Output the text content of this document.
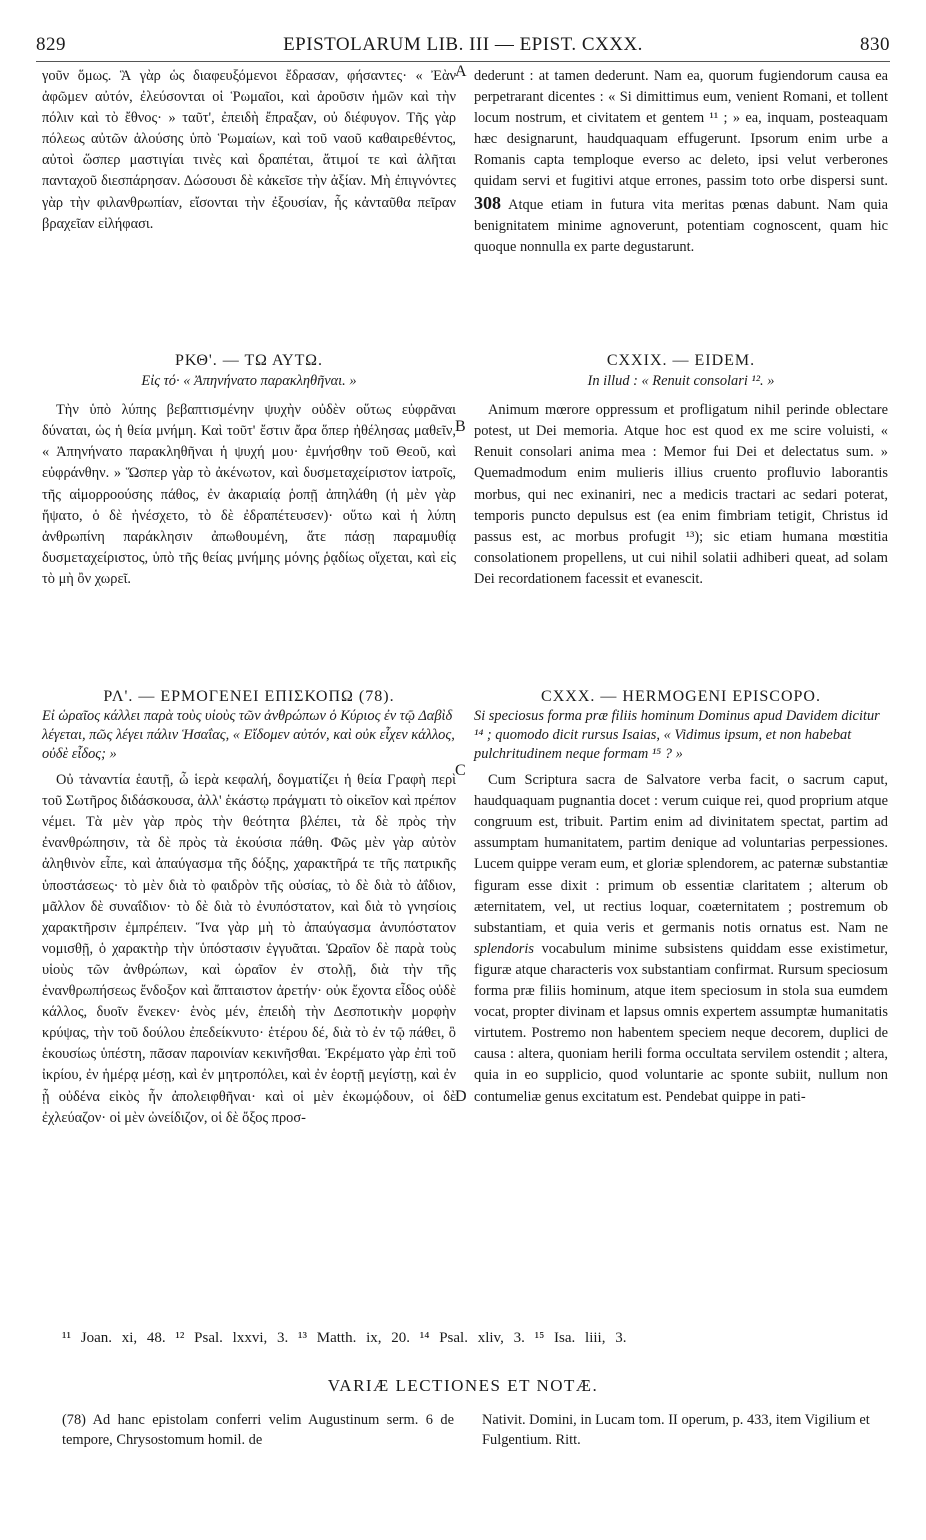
829	EPISTOLARUM LIB. III — EPIST. CXXX.	830
A
B
C
D

γοῦν ὅμως. Ἃ γὰρ ὡς διαφευξόμενοι ἔδρασαν, φήσαντες· « Ἐὰν ἀφῶμεν αὐτόν, ἐλεύσονται οἱ Ῥωμαῖοι, καὶ ἀροῦσιν ἡμῶν καὶ τὴν πόλιν καὶ τὸ ἔθνος· » ταῦτ', ἐπειδὴ ἔπραξαν, οὐ διέφυγον. Τῆς γὰρ πόλεως αὐτῶν ἁλούσης ὑπὸ Ῥωμαίων, καὶ τοῦ ναοῦ καθαιρεθέντος, αὐτοὶ ὥσπερ μαστιγίαι τινὲς καὶ δραπέται, ἄτιμοί τε καὶ ἀλῆται πανταχοῦ διεσπάρησαν. Δώσουσι δὲ κἀκεῖσε τὴν ἀξίαν. Μὴ ἐπιγνόντες γὰρ τὴν φιλανθρωπίαν, εἴσονται τὴν ἐξουσίαν, ἧς κἀνταῦθα πεῖραν βραχεῖαν εἰλήφασι.

ΡΚΘ'. — ΤΩ ΑΥΤΩ.
Εἰς τό· « Ἀπηνήνατο παρακληθῆναι. »

Τὴν ὑπὸ λύπης βεβαπτισμένην ψυχὴν οὐδὲν οὕτως εὐφρᾶναι δύναται, ὡς ἡ θεία μνήμη. Καὶ τοῦτ' ἔστιν ἄρα ὅπερ ἠθέλησας μαθεῖν, « Ἀπηνήνατο παρακληθῆναι ἡ ψυχή μου· ἐμνήσθην τοῦ Θεοῦ, καὶ εὐφράνθην. » Ὥσπερ γὰρ τὸ ἀκένωτον, καὶ δυσμεταχείριστον ἰατροῖς, τῆς αἱμορροούσης πάθος, ἐν ἀκαριαίᾳ ῥοπῇ ἀπηλάθη (ἡ μὲν γὰρ ἥψατο, ὁ δὲ ἠνέσχετο, τὸ δὲ ἐδραπέτευσεν)· οὕτω καὶ ἡ λύπη ἀνθρωπίνη παράκλησιν ἀπωθουμένη, ἅτε πάσῃ παραμυθίᾳ δυσμεταχείριστος, ὑπὸ τῆς θείας μνήμης μόνης ῥᾳδίως οἴχεται, καὶ εἰς τὸ μὴ ὂν χωρεῖ.

ΡΛ'. — ΕΡΜΟΓΕΝΕΙ ΕΠΙΣΚΟΠΩ (78).
Εἰ ὡραῖος κάλλει παρὰ τοὺς υἱοὺς τῶν ἀνθρώπων ὁ Κύριος ἐν τῷ Δαβὶδ λέγεται, πῶς λέγει πάλιν Ἡσαΐας, « Εἴδομεν αὐτόν, καὶ οὐκ εἶχεν κάλλος, οὐδὲ εἶδος; »

Οὐ τἀναντία ἑαυτῇ, ὦ ἱερὰ κεφαλή, δογματίζει ἡ θεία Γραφὴ περὶ τοῦ Σωτῆρος διδάσκουσα, ἀλλ' ἑκάστῳ πράγματι τὸ οἰκεῖον καὶ πρέπον νέμει. Τὰ μὲν γὰρ πρὸς τὴν θεότητα βλέπει, τὰ δὲ πρὸς τὴν ἐνανθρώπησιν, τὰ δὲ πρὸς τὰ ἑκούσια πάθη. Φῶς μὲν γὰρ αὐτὸν ἀληθινὸν εἶπε, καὶ ἀπαύγασμα τῆς δόξης, χαρακτῆρά τε τῆς πατρικῆς ὑποστάσεως· τὸ μὲν διὰ τὸ φαιδρὸν τῆς οὐσίας, τὸ δὲ διὰ τὸ ἀΐδιον, μᾶλλον δὲ συναΐδιον· τὸ δὲ διὰ τὸ ἐνυπόστατον, καὶ διὰ τὸ γνησίοις χαρακτῆρσιν ἐμπρέπειν. Ἵνα γὰρ μὴ τὸ ἀπαύγασμα ἀνυπόστατον νομισθῇ, ὁ χαρακτὴρ τὴν ὑπόστασιν ἐγγυᾶται. Ὡραῖον δὲ παρὰ τοὺς υἱοὺς τῶν ἀνθρώπων, καὶ ὡραῖον ἐν στολῇ, διὰ τὴν τῆς ἐνανθρωπήσεως ἔνδοξον καὶ ἄπταιστον ἀρετήν· οὐκ ἔχοντα εἶδος οὐδὲ κάλλος, δυοῖν ἕνεκεν· ἑνὸς μέν, ἐπειδὴ τὴν Δεσποτικὴν μορφὴν κρύψας, τὴν τοῦ δούλου ἐπεδείκνυτο· ἑτέρου δέ, διὰ τὸ ἐν τῷ πάθει, ὃ ἑκουσίως ὑπέστη, πᾶσαν παροινίαν κεκινῆσθαι. Ἐκρέματο γὰρ ἐπὶ τοῦ ἰκρίου, ἐν ἡμέρᾳ μέσῃ, καὶ ἐν μητροπόλει, καὶ ἐν ἑορτῇ μεγίστῃ, καὶ ἐν ᾗ οὐδένα εἰκὸς ἦν ἀπολειφθῆναι· καὶ οἱ μὲν ἐκωμῴδουν, οἱ δὲ ἐχλεύαζον· οἱ μὲν ὠνείδιζον, οἱ δὲ ὄξος προσ-

dederunt : at tamen dederunt. Nam ea, quorum fugiendorum causa ea perpetrarant dicentes : « Si dimittimus eum, venient Romani, et tollent locum nostrum, et civitatem et gentem ¹¹ ; » ea, inquam, posteaquam hæc designarunt, haudquaquam effugerunt. Ipsorum enim urbe a Romanis capta temploque everso ac deleto, ipsi velut verberones quidam servi et fugitivi atque errones, passim toto orbe dispersi sunt. 308 Atque etiam in futura vita meritas pœnas dabunt. Nam quia benignitatem minime agnoverunt, potentiam cognoscent, quam hic quoque nonnulla ex parte degustarunt.

CXXIX. — EIDEM.
In illud : « Renuit consolari ¹². »

Animum mœrore oppressum et profligatum nihil perinde oblectare potest, ut Dei memoria. Atque hoc est quod ex me scire voluisti, « Renuit consolari anima mea : Memor fui Dei et delectatus sum. » Quemadmodum enim mulieris illius cruento profluvio laborantis morbus, qui nec exinaniri, nec a medicis tractari ac sedari poterat, temporis puncto depulsus est (ea enim fimbriam tetigit, Christus id passus est, ac morbus profugit ¹³); sic etiam humana mœstitia consolationem propellens, ut cui nihil solatii adhiberi queat, ad solam Dei recordationem facessit et evanescit.

CXXX. — HERMOGENI EPISCOPO.
Si speciosus forma præ filiis hominum Dominus apud Davidem dicitur ¹⁴ ; quomodo dicit rursus Isaias, « Vidimus ipsum, et non habebat pulchritudinem neque formam ¹⁵ ? »

Cum Scriptura sacra de Salvatore verba facit, o sacrum caput, haudquaquam pugnantia docet : verum cuique rei, quod proprium atque congruum est, tribuit. Partim enim ad divinitatem spectat, partim ad assumptam humanitatem, partim denique ad voluntarias perpessiones. Lucem quippe veram eum, et gloriæ splendorem, ac paternæ substantiæ figuram esse dixit : primum ob essentiæ claritatem ; alterum ob æternitatem, vel, ut rectius loquar, coæternitatem ; postremum ob substantiam, et quia veris et germanis notis ornatus est. Nam ne splendoris vocabulum minime subsistens quiddam esse existimetur, figuræ atque characteris vox substantiam confirmat. Rursum speciosum forma præ filiis hominum, atque item speciosum in stola sua eumdem vocat, propter divinam et lapsus omnis expertem assumptæ humanitatis virtutem. Postremo non habentem speciem neque decorem, duplici de causa : altera, quoniam herili forma occultata servilem ostendit ; altera, quia in eo supplicio, quod voluntarie ac sponte subiit, nullum non contumeliæ genus excitatum est. Pendebat quippe in pati-

¹¹ Joan. xi, 48. ¹² Psal. lxxvi, 3. ¹³ Matth. ix, 20. ¹⁴ Psal. xliv, 3. ¹⁵ Isa. liii, 3.
VARIÆ LECTIONES ET NOTÆ.
(78) Ad hanc epistolam conferri velim Augustinum serm. 6 de tempore, Chrysostomum homil. de
Nativit. Domini, in Lucam tom. II operum, p. 433, item Vigilium et Fulgentium. Ritt.
